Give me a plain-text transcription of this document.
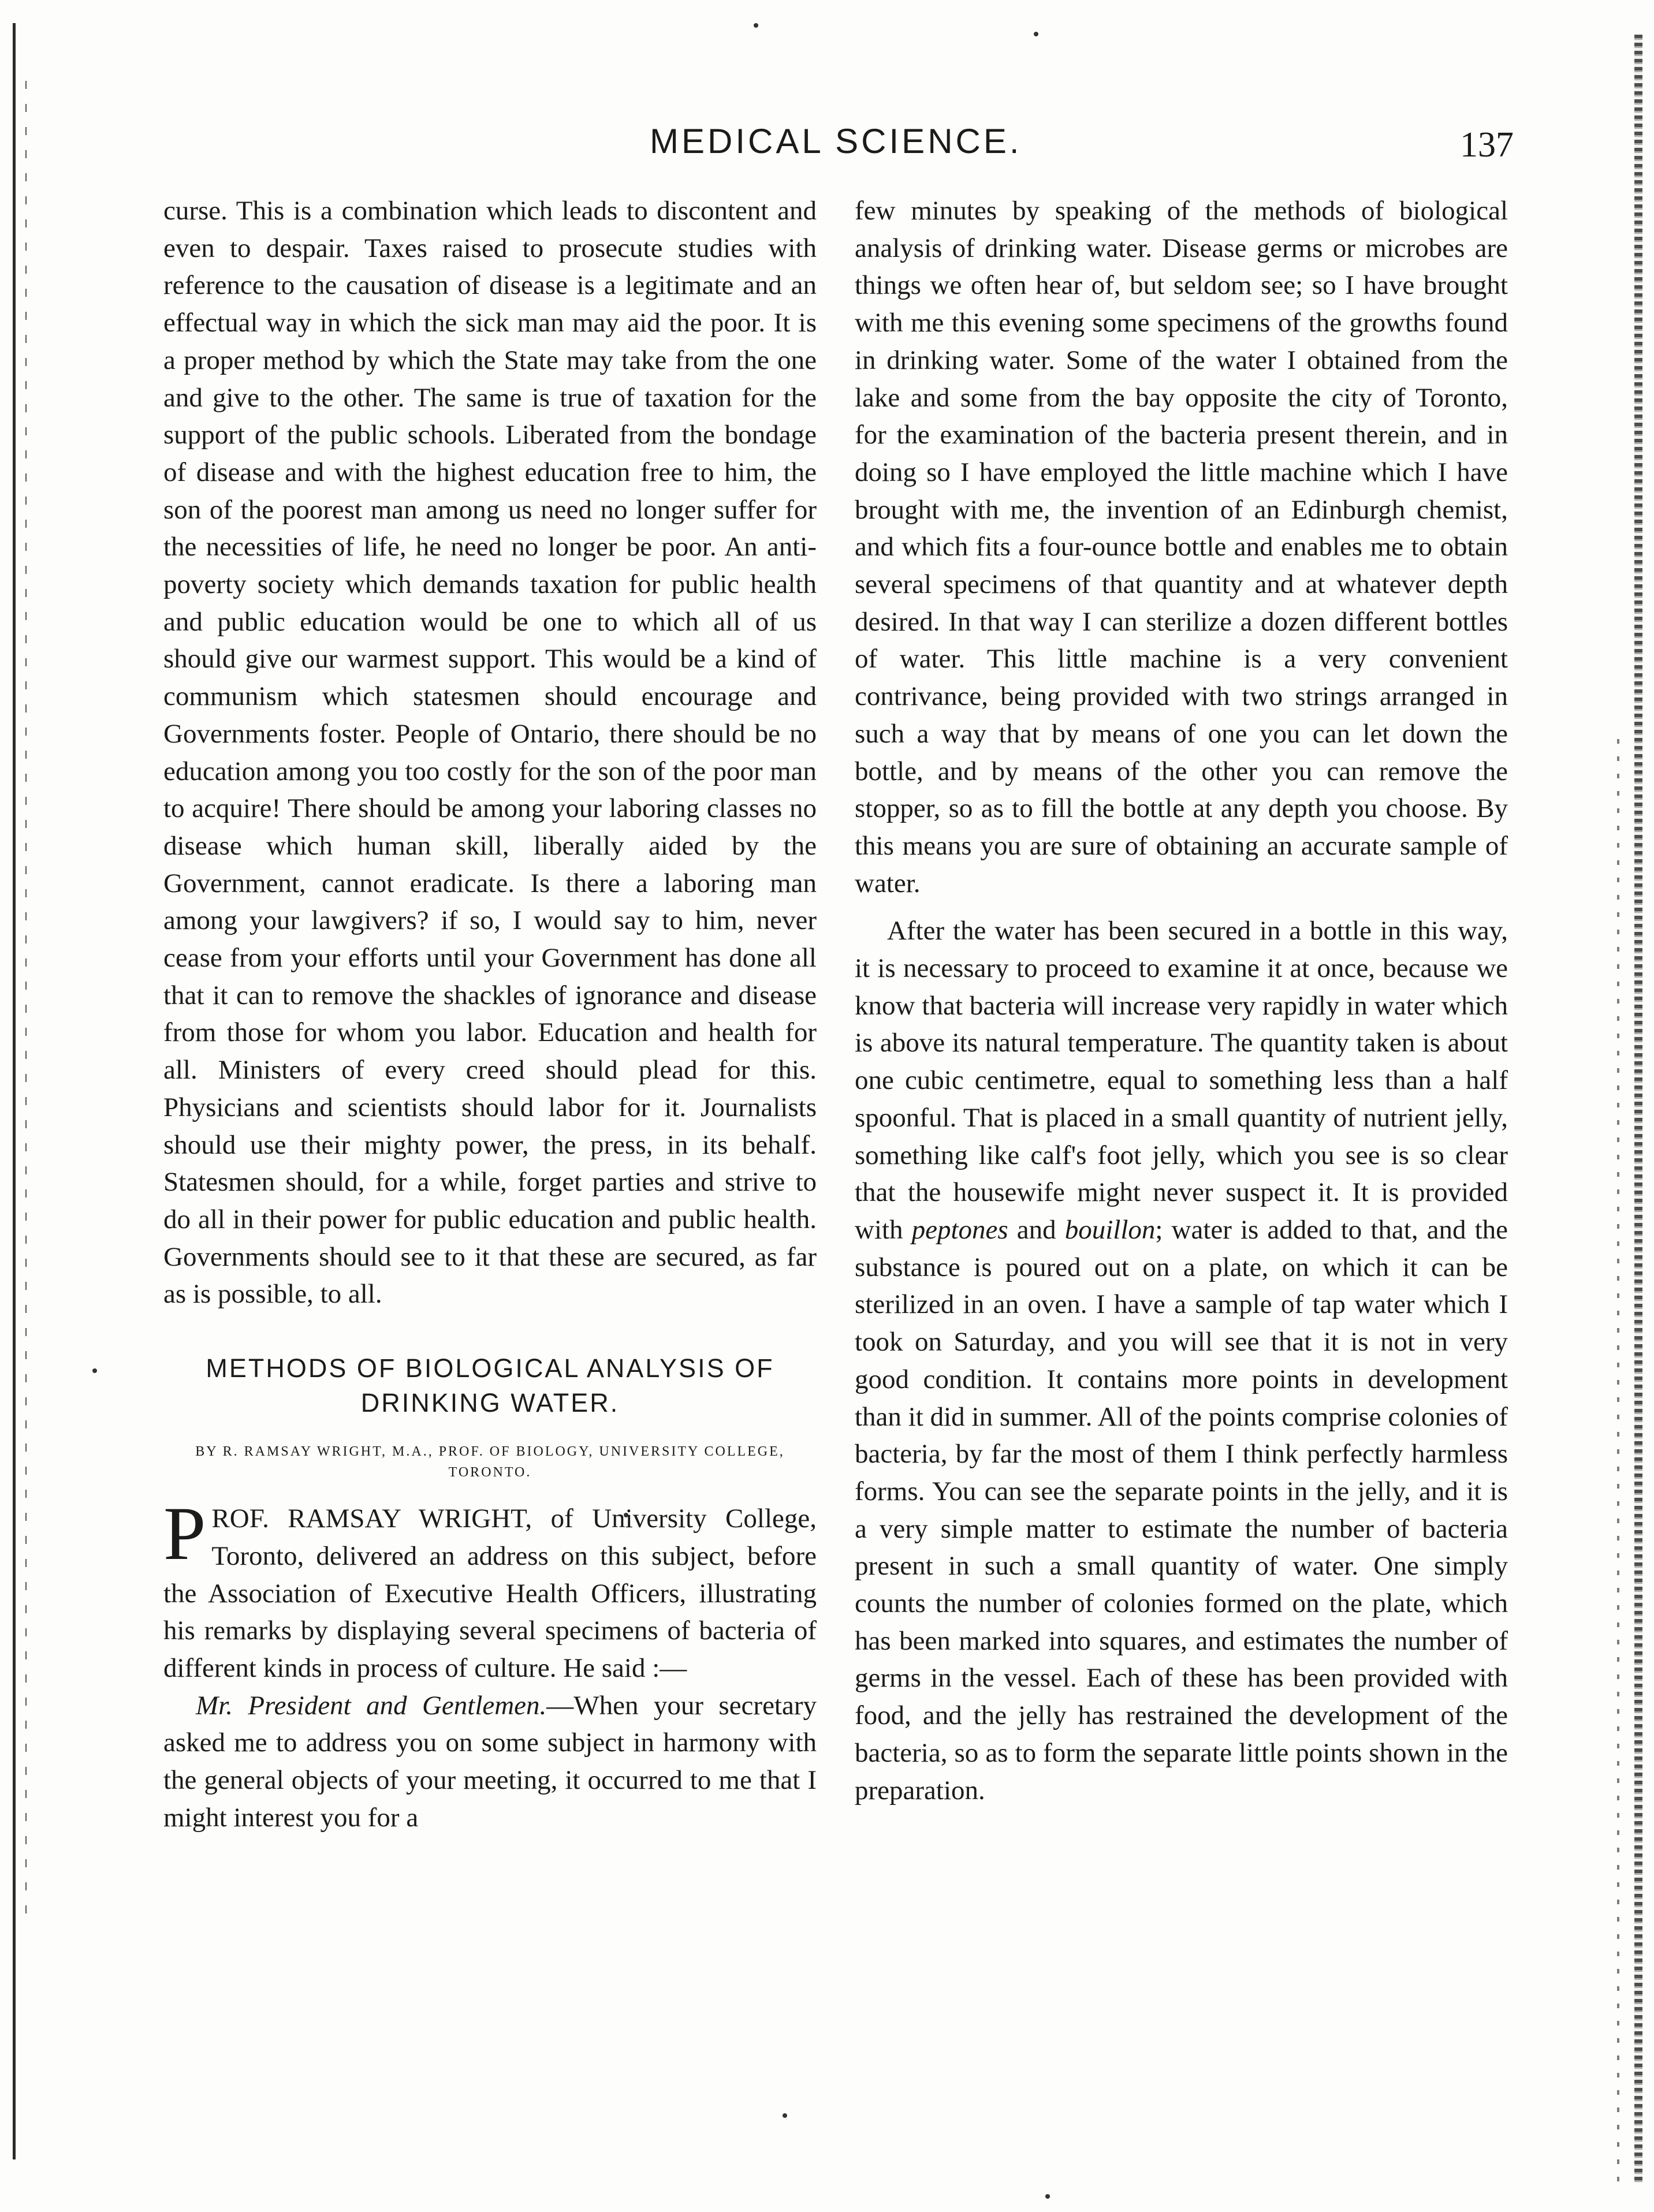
MEDICAL SCIENCE.	137

curse. This is a combination which leads to discontent and even to despair. Taxes raised to prosecute studies with reference to the causation of disease is a legitimate and an effectual way in which the sick man may aid the poor. It is a proper method by which the State may take from the one and give to the other. The same is true of taxation for the support of the public schools. Liberated from the bondage of disease and with the highest education free to him, the son of the poorest man among us need no longer suffer for the necessities of life, he need no longer be poor. An anti-poverty society which demands taxation for public health and public education would be one to which all of us should give our warmest support. This would be a kind of communism which statesmen should encourage and Governments foster. People of Ontario, there should be no education among you too costly for the son of the poor man to acquire! There should be among your laboring classes no disease which human skill, liberally aided by the Government, cannot eradicate. Is there a laboring man among your lawgivers? if so, I would say to him, never cease from your efforts until your Government has done all that it can to remove the shackles of ignorance and disease from those for whom you labor. Education and health for all. Ministers of every creed should plead for this. Physicians and scientists should labor for it. Journalists should use their mighty power, the press, in its behalf. Statesmen should, for a while, forget parties and strive to do all in their power for public education and public health. Governments should see to it that these are secured, as far as is possible, to all.

METHODS OF BIOLOGICAL ANALYSIS OF DRINKING WATER.

BY R. RAMSAY WRIGHT, M.A., PROF. OF BIOLOGY, UNIVERSITY COLLEGE, TORONTO.

PROF. RAMSAY WRIGHT, of University College, Toronto, delivered an address on this subject, before the Association of Executive Health Officers, illustrating his remarks by displaying several specimens of bacteria of different kinds in process of culture. He said :—

Mr. President and Gentlemen.—When your secretary asked me to address you on some subject in harmony with the general objects of your meeting, it occurred to me that I might interest you for a

few minutes by speaking of the methods of biological analysis of drinking water. Disease germs or microbes are things we often hear of, but seldom see; so I have brought with me this evening some specimens of the growths found in drinking water. Some of the water I obtained from the lake and some from the bay opposite the city of Toronto, for the examination of the bacteria present therein, and in doing so I have employed the little machine which I have brought with me, the invention of an Edinburgh chemist, and which fits a four-ounce bottle and enables me to obtain several specimens of that quantity and at whatever depth desired. In that way I can sterilize a dozen different bottles of water. This little machine is a very convenient contrivance, being provided with two strings arranged in such a way that by means of one you can let down the bottle, and by means of the other you can remove the stopper, so as to fill the bottle at any depth you choose. By this means you are sure of obtaining an accurate sample of water.

After the water has been secured in a bottle in this way, it is necessary to proceed to examine it at once, because we know that bacteria will increase very rapidly in water which is above its natural temperature. The quantity taken is about one cubic centimetre, equal to something less than a half spoonful. That is placed in a small quantity of nutrient jelly, something like calf's foot jelly, which you see is so clear that the housewife might never suspect it. It is provided with peptones and bouillon; water is added to that, and the substance is poured out on a plate, on which it can be sterilized in an oven. I have a sample of tap water which I took on Saturday, and you will see that it is not in very good condition. It contains more points in development than it did in summer. All of the points comprise colonies of bacteria, by far the most of them I think perfectly harmless forms. You can see the separate points in the jelly, and it is a very simple matter to estimate the number of bacteria present in such a small quantity of water. One simply counts the number of colonies formed on the plate, which has been marked into squares, and estimates the number of germs in the vessel. Each of these has been provided with food, and the jelly has restrained the development of the bacteria, so as to form the separate little points shown in the preparation.
